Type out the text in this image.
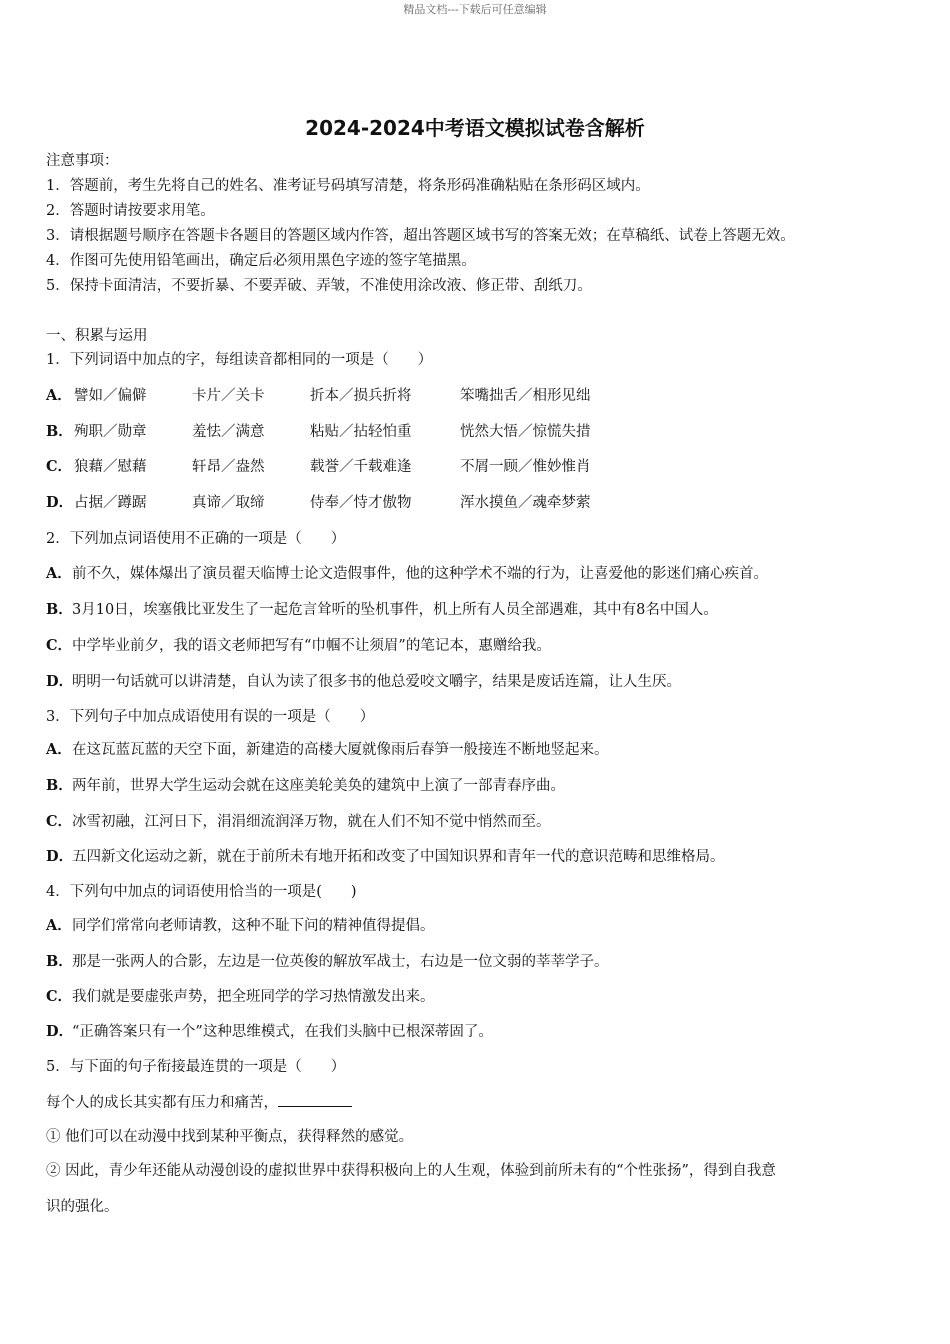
精品文档---下载后可任意编辑
2024-2024中考语文模拟试卷含解析
注意事项：
1．答题前，考生先将自己的姓名、准考证号码填写清楚，将条形码准确粘贴在条形码区域内。
2．答题时请按要求用笔。
3．请根据题号顺序在答题卡各题目的答题区域内作答，超出答题区域书写的答案无效；在草稿纸、试卷上答题无效。
4．作图可先使用铅笔画出，确定后必须用黑色字迹的签字笔描黑。
5．保持卡面清洁，不要折暴、不要弄破、弄皱，不准使用涂改液、修正带、刮纸刀。
一、积累与运用
1．下列词语中加点的字，每组读音都相同的一项是（　　）
A． 譬如／偏僻	卡片／关卡	折本／损兵折将	笨嘴拙舌／相形见绌
B． 殉职／勋章	羞怯／满意	粘贴／拈轻怕重	恍然大悟／惊慌失措
C． 狼藉／慰藉	轩昂／盎然	载誉／千载难逢	不屑一顾／惟妙惟肖
D． 占据／蹲踞	真谛／取缔	侍奉／恃才傲物	浑水摸鱼／魂牵梦萦
2．下列加点词语使用不正确的一项是（　　）
A．前不久，媒体爆出了演员翟天临博士论文造假事件，他的这种学术不端的行为，让喜爱他的影迷们痛心疾首。
B．3月10日，埃塞俄比亚发生了一起危言耸听的坠机事件，机上所有人员全部遇难，其中有8名中国人。
C．中学毕业前夕，我的语文老师把写有“巾帼不让须眉”的笔记本，惠赠给我。
D．明明一句话就可以讲清楚，自认为读了很多书的他总爱咬文嚼字，结果是废话连篇，让人生厌。
3．下列句子中加点成语使用有误的一项是（　　）
A．在这瓦蓝瓦蓝的天空下面，新建造的高楼大厦就像雨后春笋一般接连不断地竖起来。
B．两年前，世界大学生运动会就在这座美轮美奂的建筑中上演了一部青春序曲。
C．冰雪初融，江河日下，涓涓细流润泽万物，就在人们不知不觉中悄然而至。
D．五四新文化运动之新，就在于前所未有地开拓和改变了中国知识界和青年一代的意识范畴和思维格局。
4．下列句中加点的词语使用恰当的一项是(　　)
A．同学们常常向老师请教，这种不耻下问的精神值得提倡。
B．那是一张两人的合影，左边是一位英俊的解放军战士，右边是一位文弱的莘莘学子。
C．我们就是要虚张声势，把全班同学的学习热情激发出来。
D．“正确答案只有一个”这种思维模式，在我们头脑中已根深蒂固了。
5．与下面的句子衔接最连贯的一项是（　　）
每个人的成长其实都有压力和痛苦，
① 他们可以在动漫中找到某种平衡点，获得释然的感觉。
② 因此，青少年还能从动漫创设的虚拟世界中获得积极向上的人生观，体验到前所未有的“个性张扬”，得到自我意
识的强化。
